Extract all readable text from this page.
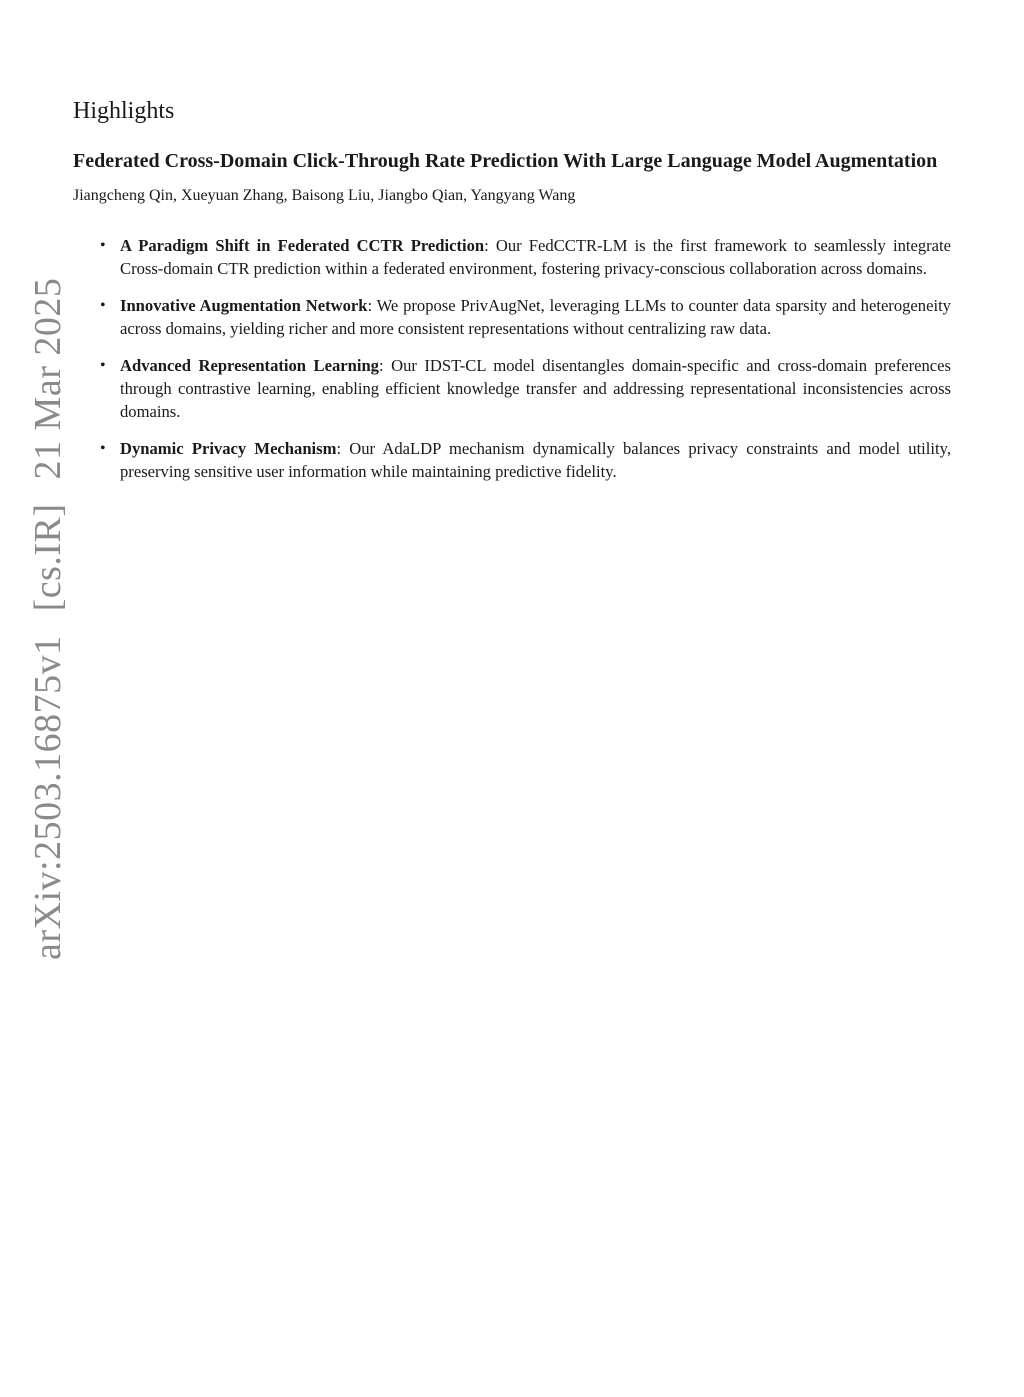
arXiv:2503.16875v1 [cs.IR] 21 Mar 2025
Highlights
Federated Cross-Domain Click-Through Rate Prediction With Large Language Model Augmentation
Jiangcheng Qin, Xueyuan Zhang, Baisong Liu, Jiangbo Qian, Yangyang Wang
• A Paradigm Shift in Federated CCTR Prediction: Our FedCCTR-LM is the first framework to seamlessly integrate Cross-domain CTR prediction within a federated environment, fostering privacy-conscious collaboration across domains.
• Innovative Augmentation Network: We propose PrivAugNet, leveraging LLMs to counter data sparsity and heterogeneity across domains, yielding richer and more consistent representations without centralizing raw data.
• Advanced Representation Learning: Our IDST-CL model disentangles domain-specific and cross-domain preferences through contrastive learning, enabling efficient knowledge transfer and addressing representational inconsistencies across domains.
• Dynamic Privacy Mechanism: Our AdaLDP mechanism dynamically balances privacy constraints and model utility, preserving sensitive user information while maintaining predictive fidelity.
